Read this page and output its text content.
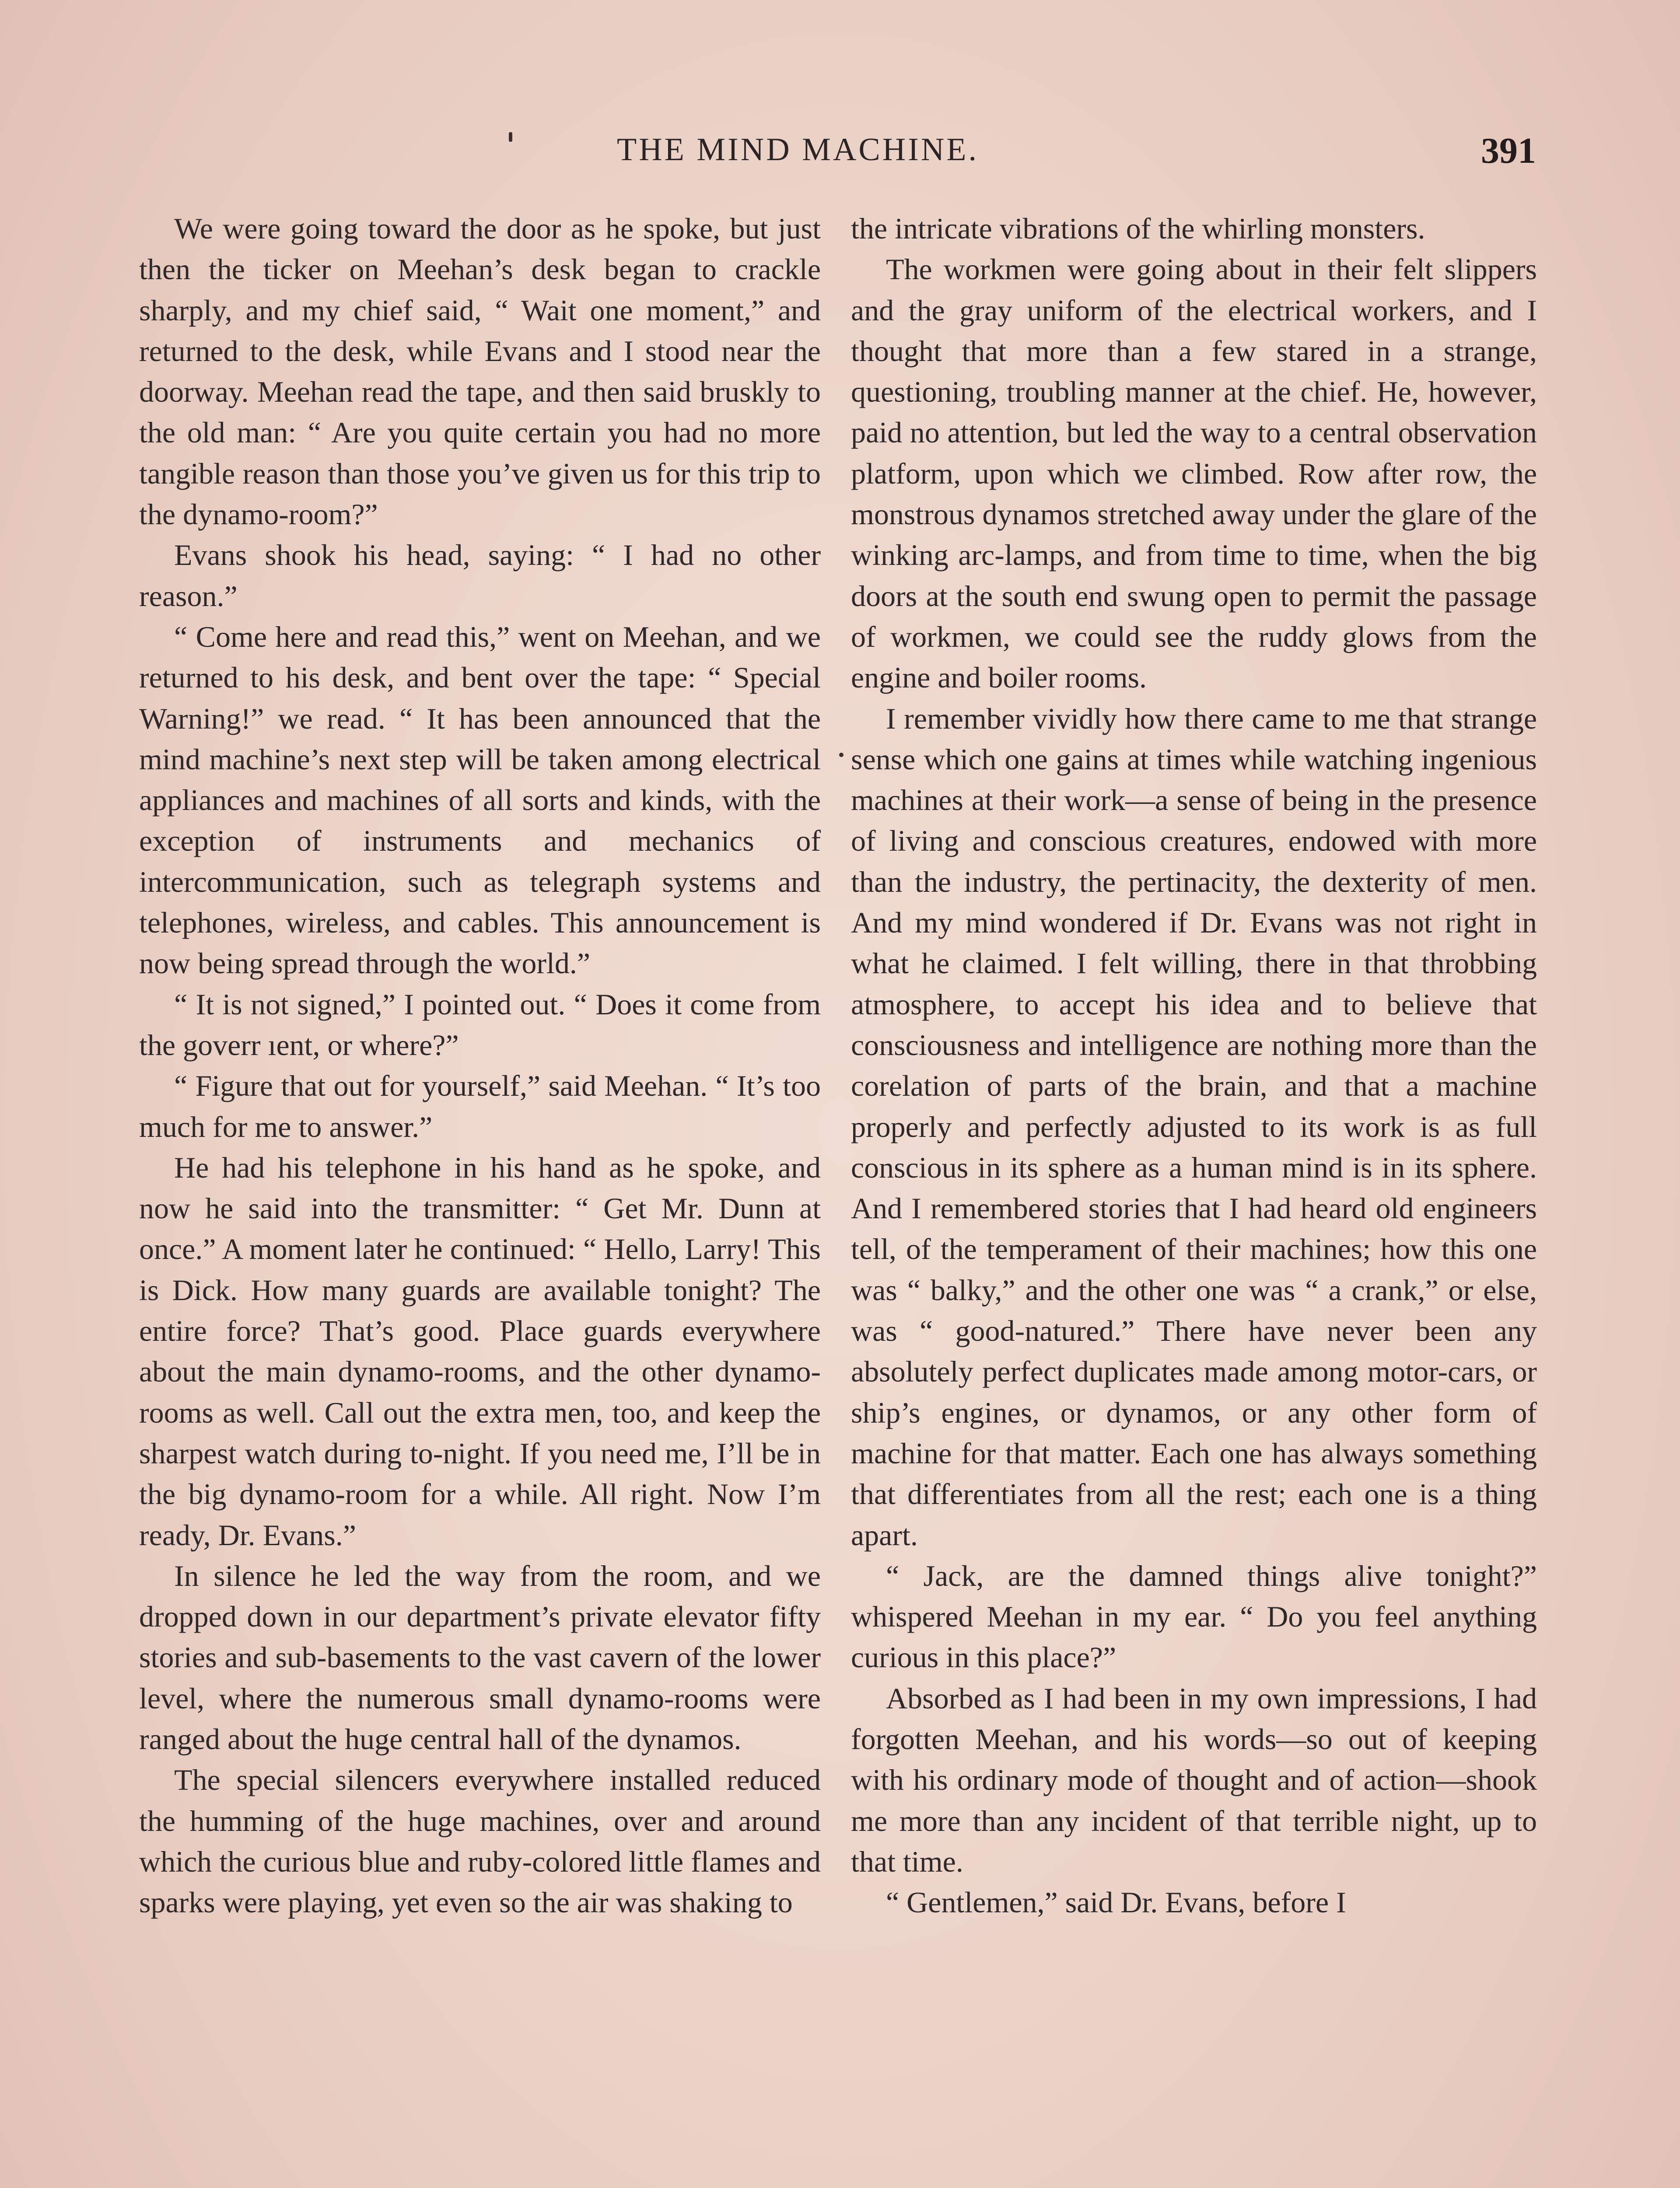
THE MIND MACHINE.	391

We were going toward the door as he spoke, but just then the ticker on Meehan’s desk began to crackle sharply, and my chief said, “ Wait one moment,” and returned to the desk, while Evans and I stood near the doorway. Meehan read the tape, and then said bruskly to the old man: “ Are you quite certain you had no more tangible reason than those you’ve given us for this trip to the dynamo-room?”

Evans shook his head, saying: “ I had no other reason.”

“ Come here and read this,” went on Meehan, and we returned to his desk, and bent over the tape: “ Special Warning!” we read. “ It has been announced that the mind machine’s next step will be taken among electrical appliances and machines of all sorts and kinds, with the exception of instruments and mechanics of intercommunication, such as telegraph systems and telephones, wireless, and cables. This announcement is now being spread through the world.”

“ It is not signed,” I pointed out. “ Does it come from the goverr ıent, or where?”

“ Figure that out for yourself,” said Meehan. “ It’s too much for me to answer.”

He had his telephone in his hand as he spoke, and now he said into the transmitter: “ Get Mr. Dunn at once.” A moment later he continued: “ Hello, Larry! This is Dick. How many guards are available tonight? The entire force? That’s good. Place guards everywhere about the main dynamo-rooms, and the other dynamo-rooms as well. Call out the extra men, too, and keep the sharpest watch during to-night. If you need me, I’ll be in the big dynamo-room for a while. All right. Now I’m ready, Dr. Evans.”

In silence he led the way from the room, and we dropped down in our department’s private elevator fifty stories and sub-basements to the vast cavern of the lower level, where the numerous small dynamo-rooms were ranged about the huge central hall of the dynamos.

The special silencers everywhere installed reduced the humming of the huge machines, over and around which the curious blue and ruby-colored little flames and sparks were playing, yet even so the air was shaking to

the intricate vibrations of the whirling monsters.

The workmen were going about in their felt slippers and the gray uniform of the electrical workers, and I thought that more than a few stared in a strange, questioning, troubling manner at the chief. He, however, paid no attention, but led the way to a central observation platform, upon which we climbed. Row after row, the monstrous dynamos stretched away under the glare of the winking arc-lamps, and from time to time, when the big doors at the south end swung open to permit the passage of workmen, we could see the ruddy glows from the engine and boiler rooms.

I remember vividly how there came to me that strange sense which one gains at times while watching ingenious machines at their work—a sense of being in the presence of living and conscious creatures, endowed with more than the industry, the pertinacity, the dexterity of men. And my mind wondered if Dr. Evans was not right in what he claimed. I felt willing, there in that throbbing atmosphere, to accept his idea and to believe that consciousness and intelligence are nothing more than the corelation of parts of the brain, and that a machine properly and perfectly adjusted to its work is as full conscious in its sphere as a human mind is in its sphere. And I remembered stories that I had heard old engineers tell, of the temperament of their machines; how this one was “ balky,” and the other one was “ a crank,” or else, was “ good-natured.” There have never been any absolutely perfect duplicates made among motor-cars, or ship’s engines, or dynamos, or any other form of machine for that matter. Each one has always something that differentiates from all the rest; each one is a thing apart.

“ Jack, are the damned things alive tonight?” whispered Meehan in my ear. “ Do you feel anything curious in this place?”

Absorbed as I had been in my own impressions, I had forgotten Meehan, and his words—so out of keeping with his ordinary mode of thought and of action—shook me more than any incident of that terrible night, up to that time.

“ Gentlemen,” said Dr. Evans, before I
